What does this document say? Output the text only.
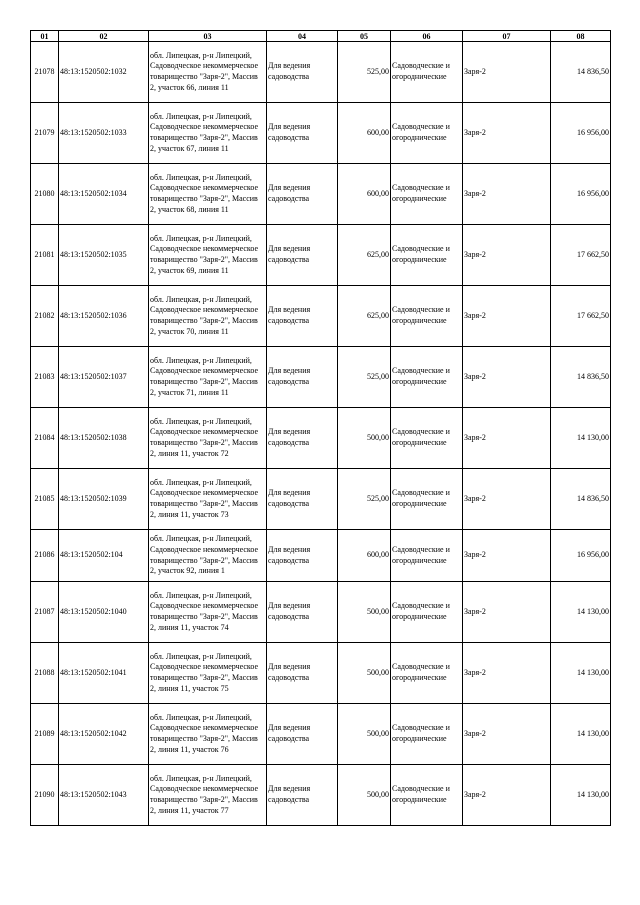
01	02	03	04	05	06	07	08
21078	48:13:1520502:1032	обл. Липецкая, р-н Липецкий, Садоводческое некоммерческое товарищество "Заря-2", Массив 2, участок 66, линия 11	Для ведения садоводства	525,00	Садоводческие и огороднические	Заря-2	14 836,50
21079	48:13:1520502:1033	обл. Липецкая, р-н Липецкий, Садоводческое некоммерческое товарищество "Заря-2", Массив 2, участок 67, линия 11	Для ведения садоводства	600,00	Садоводческие и огороднические	Заря-2	16 956,00
21080	48:13:1520502:1034	обл. Липецкая, р-н Липецкий, Садоводческое некоммерческое товарищество "Заря-2", Массив 2, участок 68, линия 11	Для ведения садоводства	600,00	Садоводческие и огороднические	Заря-2	16 956,00
21081	48:13:1520502:1035	обл. Липецкая, р-н Липецкий, Садоводческое некоммерческое товарищество "Заря-2", Массив 2, участок 69, линия 11	Для ведения садоводства	625,00	Садоводческие и огороднические	Заря-2	17 662,50
21082	48:13:1520502:1036	обл. Липецкая, р-н Липецкий, Садоводческое некоммерческое товарищество "Заря-2", Массив 2, участок 70, линия 11	Для ведения садоводства	625,00	Садоводческие и огороднические	Заря-2	17 662,50
21083	48:13:1520502:1037	обл. Липецкая, р-н Липецкий, Садоводческое некоммерческое товарищество "Заря-2", Массив 2, участок 71, линия 11	Для ведения садоводства	525,00	Садоводческие и огороднические	Заря-2	14 836,50
21084	48:13:1520502:1038	обл. Липецкая, р-н Липецкий, Садоводческое некоммерческое товарищество "Заря-2", Массив 2, линия 11, участок 72	Для ведения садоводства	500,00	Садоводческие и огороднические	Заря-2	14 130,00
21085	48:13:1520502:1039	обл. Липецкая, р-н Липецкий, Садоводческое некоммерческое товарищество "Заря-2", Массив 2, линия 11, участок 73	Для ведения садоводства	525,00	Садоводческие и огороднические	Заря-2	14 836,50
21086	48:13:1520502:104	обл. Липецкая, р-н Липецкий, Садоводческое некоммерческое товарищество "Заря-2", Массив 2, участок 92, линия 1	Для ведения садоводства	600,00	Садоводческие и огороднические	Заря-2	16 956,00
21087	48:13:1520502:1040	обл. Липецкая, р-н Липецкий, Садоводческое некоммерческое товарищество "Заря-2", Массив 2, линия 11, участок 74	Для ведения садоводства	500,00	Садоводческие и огороднические	Заря-2	14 130,00
21088	48:13:1520502:1041	обл. Липецкая, р-н Липецкий, Садоводческое некоммерческое товарищество "Заря-2", Массив 2, линия 11, участок 75	Для ведения садоводства	500,00	Садоводческие и огороднические	Заря-2	14 130,00
21089	48:13:1520502:1042	обл. Липецкая, р-н Липецкий, Садоводческое некоммерческое товарищество "Заря-2", Массив 2, линия 11, участок 76	Для ведения садоводства	500,00	Садоводческие и огороднические	Заря-2	14 130,00
21090	48:13:1520502:1043	обл. Липецкая, р-н Липецкий, Садоводческое некоммерческое товарищество "Заря-2", Массив 2, линия 11, участок 77	Для ведения садоводства	500,00	Садоводческие и огороднические	Заря-2	14 130,00
